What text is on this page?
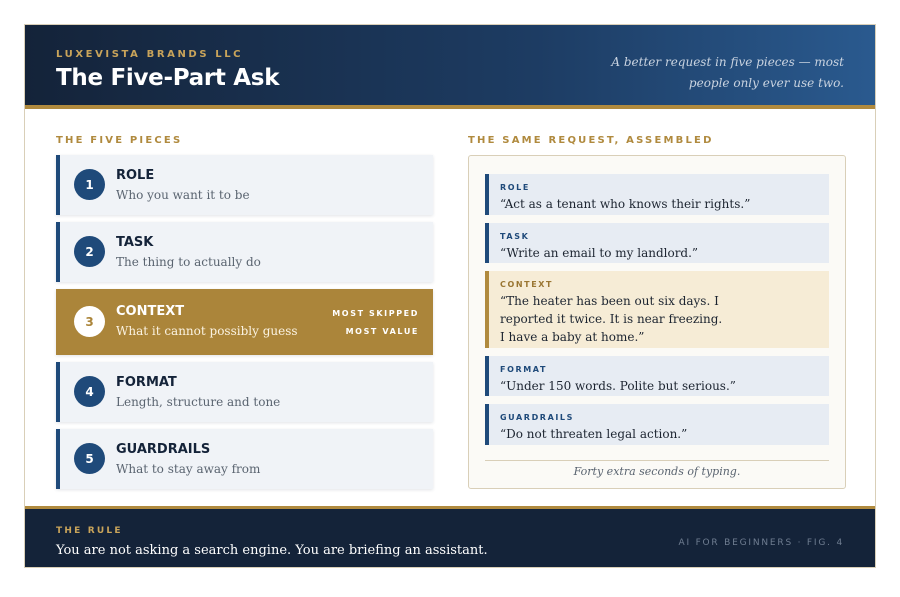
LUXEVISTA BRANDS LLC
The Five-Part Ask
A better request in five pieces — most people only ever use two.
THE FIVE PIECES
1
ROLE
Who you want it to be
2
TASK
The thing to actually do
3
CONTEXT
What it cannot possibly guess
MOST SKIPPED
MOST VALUE
4
FORMAT
Length, structure and tone
5
GUARDRAILS
What to stay away from
THE SAME REQUEST, ASSEMBLED
ROLE
“Act as a tenant who knows their rights.”
TASK
“Write an email to my landlord.”
CONTEXT
“The heater has been out six days. I
reported it twice. It is near freezing.
I have a baby at home.”
FORMAT
“Under 150 words. Polite but serious.”
GUARDRAILS
“Do not threaten legal action.”
Forty extra seconds of typing.
THE RULE
You are not asking a search engine. You are briefing an assistant.	AI FOR BEGINNERS · FIG. 4
